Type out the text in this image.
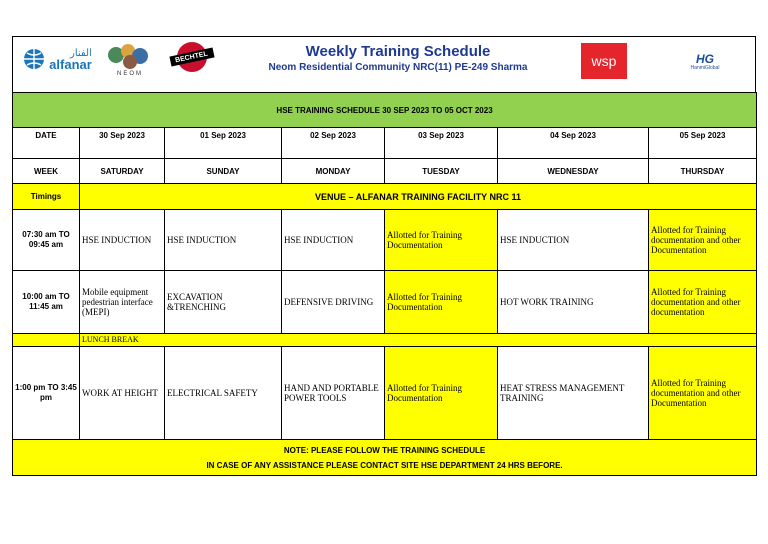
الفنار
alfanar
NEOM
BECHTEL	Weekly Training Schedule
Neom Residential Community NRC(11) PE-249 Sharma	wsp	HG
HanmiGlobal
HSE TRAINING SCHEDULE 30 SEP 2023 TO 05 OCT 2023						
DATE	30 Sep 2023	01 Sep 2023	02 Sep 2023	03 Sep 2023	04 Sep 2023	05 Sep 2023
WEEK	SATURDAY	SUNDAY	MONDAY	TUESDAY	WEDNESDAY	THURSDAY
Timings	VENUE – ALFANAR TRAINING FACILITY NRC 11					
07:30 am TO 09:45 am	HSE INDUCTION	HSE INDUCTION	HSE INDUCTION	Allotted for Training Documentation	HSE INDUCTION	Allotted for Training documentation and other Documentation
10:00 am TO 11:45 am	Mobile equipment pedestrian interface (MEPI)	EXCAVATION &TRENCHING	DEFENSIVE DRIVING	Allotted for Training Documentation	HOT WORK TRAINING	Allotted for Training documentation and other documentation
	LUNCH BREAK					
1:00 pm TO 3:45 pm	WORK AT HEIGHT	ELECTRICAL SAFETY	HAND AND PORTABLE POWER TOOLS	Allotted for Training Documentation	HEAT STRESS MANAGEMENT TRAINING	Allotted for Training documentation and other Documentation

NOTE: PLEASE FOLLOW THE TRAINING SCHEDULE
IN CASE OF ANY ASSISTANCE PLEASE CONTACT SITE HSE DEPARTMENT 24 HRS BEFORE.						
